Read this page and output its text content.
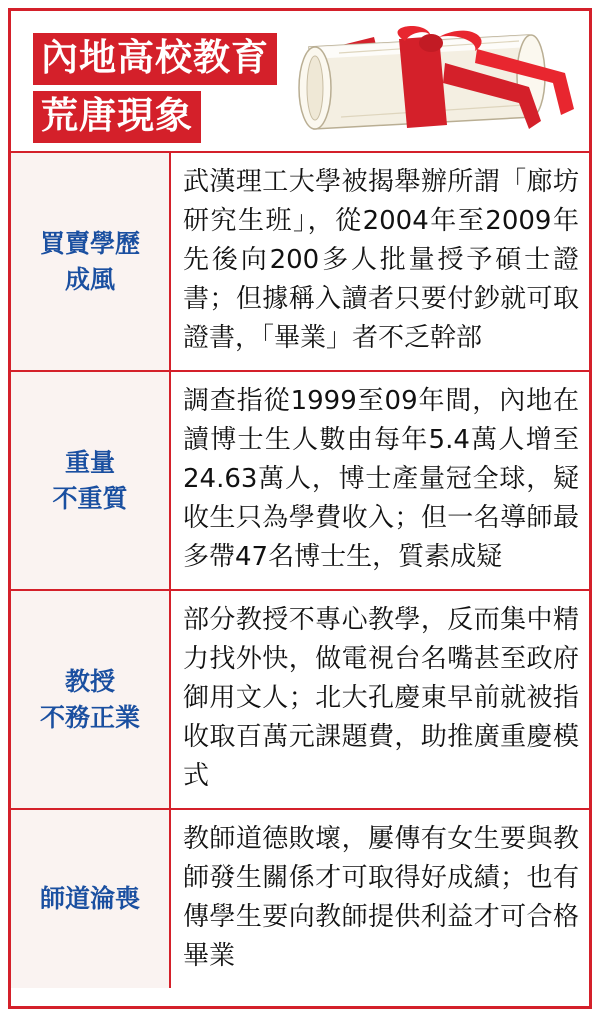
內地高校教育
荒唐現象
買賣學歷
成風
武漢理工大學被揭舉辦所謂「廊坊研究生班」，從2004年至2009年先後向200多人批量授予碩士證書；但據稱入讀者只要付鈔就可取證書，「畢業」者不乏幹部
重量
不重質
調查指從1999至09年間，內地在讀博士生人數由每年5.4萬人增至24.63萬人，博士產量冠全球，疑收生只為學費收入；但一名導師最多帶47名博士生，質素成疑
教授
不務正業
部分教授不專心教學，反而集中精力找外快，做電視台名嘴甚至政府御用文人；北大孔慶東早前就被指收取百萬元課題費，助推廣重慶模式
師道淪喪
教師道德敗壞，屢傳有女生要與教師發生關係才可取得好成績；也有傳學生要向教師提供利益才可合格畢業
